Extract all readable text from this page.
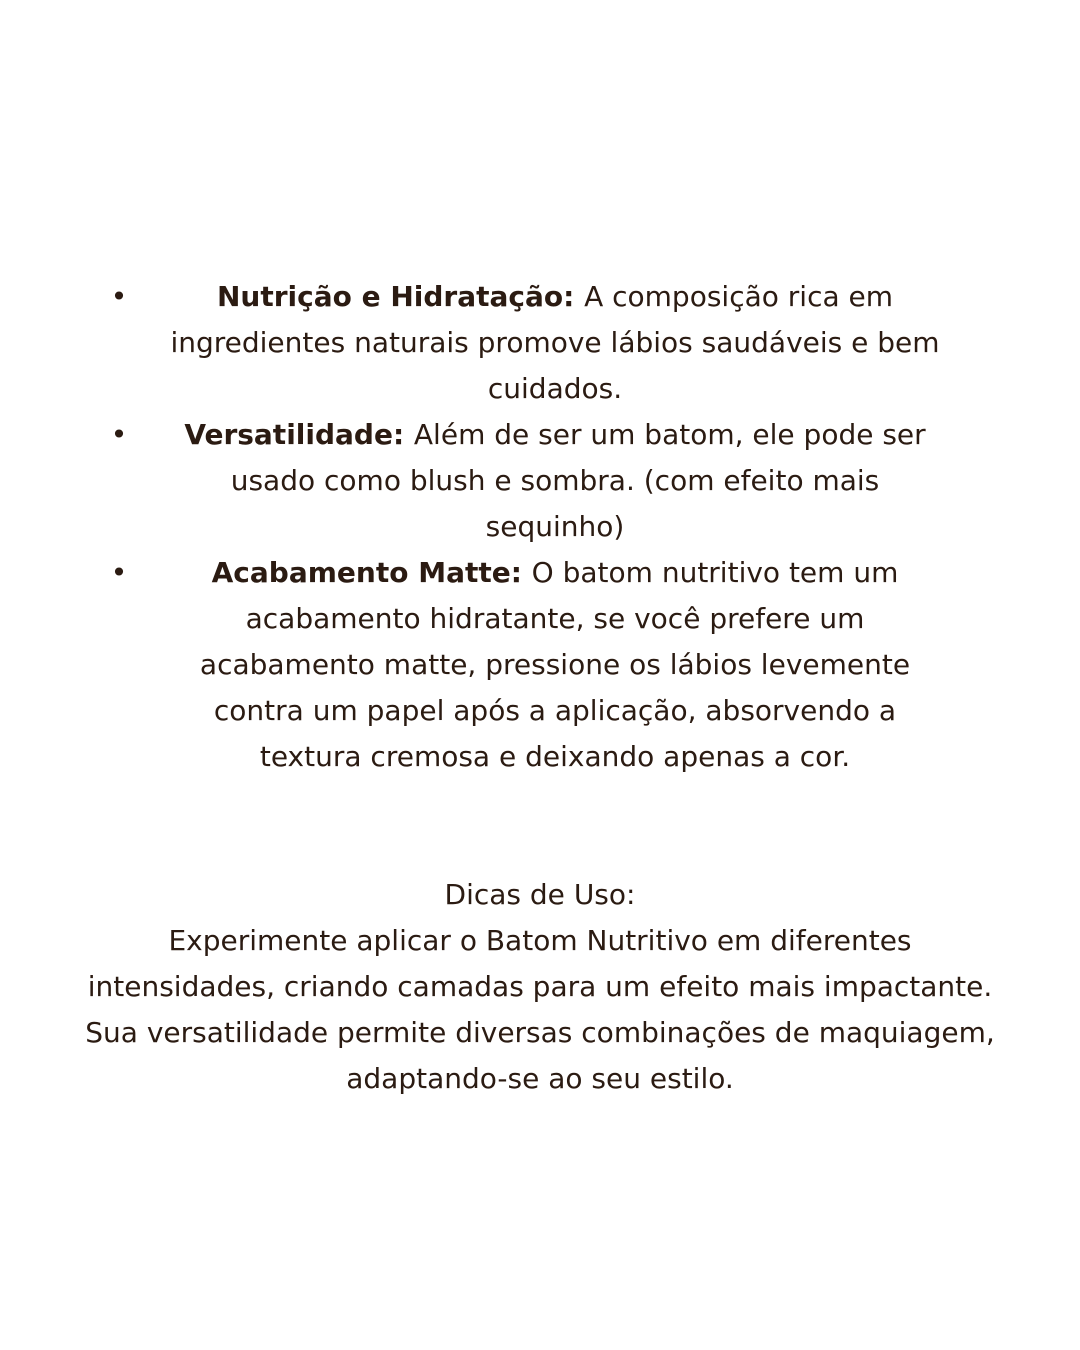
•	Nutrição e Hidratação: A composição rica em ingredientes naturais promove lábios saudáveis e bem cuidados.
• Versatilidade: Além de ser um batom, ele pode ser usado como blush e sombra. (com efeito mais sequinho)
•	Acabamento Matte: O batom nutritivo tem um acabamento hidratante, se você prefere um acabamento matte, pressione os lábios levemente contra um papel após a aplicação, absorvendo a textura cremosa e deixando apenas a cor.

Dicas de Uso:

Experimente aplicar o Batom Nutritivo em diferentes intensidades, criando camadas para um efeito mais impactante. Sua versatilidade permite diversas combinações de maquiagem, adaptando-se ao seu estilo.
